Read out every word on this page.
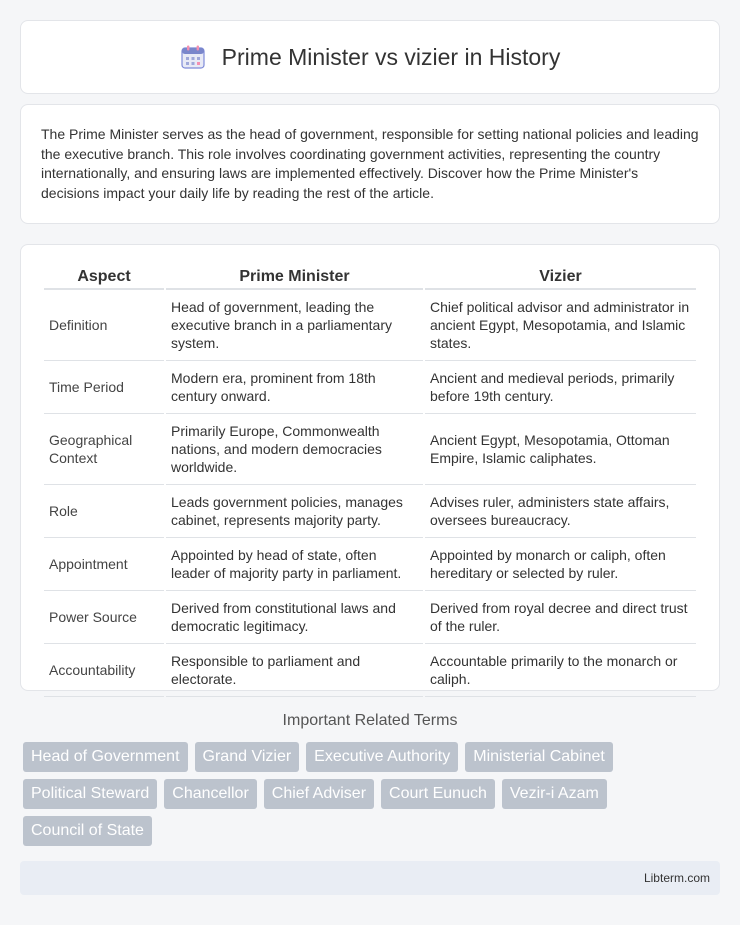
Prime Minister vs vizier in History

The Prime Minister serves as the head of government, responsible for setting national policies and leading the executive branch. This role involves coordinating government activities, representing the country internationally, and ensuring laws are implemented effectively. Discover how the Prime Minister's decisions impact your daily life by reading the rest of the article.

Aspect	Prime Minister	Vizier
Definition	Head of government, leading the executive branch in a parliamentary system.	Chief political advisor and administrator in ancient Egypt, Mesopotamia, and Islamic states.
Time Period	Modern era, prominent from 18th century onward.	Ancient and medieval periods, primarily before 19th century.
Geographical Context	Primarily Europe, Commonwealth nations, and modern democracies worldwide.	Ancient Egypt, Mesopotamia, Ottoman Empire, Islamic caliphates.
Role	Leads government policies, manages cabinet, represents majority party.	Advises ruler, administers state affairs, oversees bureaucracy.
Appointment	Appointed by head of state, often leader of majority party in parliament.	Appointed by monarch or caliph, often hereditary or selected by ruler.
Power Source	Derived from constitutional laws and democratic legitimacy.	Derived from royal decree and direct trust of the ruler.
Accountability	Responsible to parliament and electorate.	Accountable primarily to the monarch or caliph.
Important Related Terms
Head of Government	Grand Vizier	Executive Authority	Ministerial Cabinet
Political Steward	Chancellor	Chief Adviser	Court Eunuch	Vezir-i Azam
Council of State
Libterm.com
